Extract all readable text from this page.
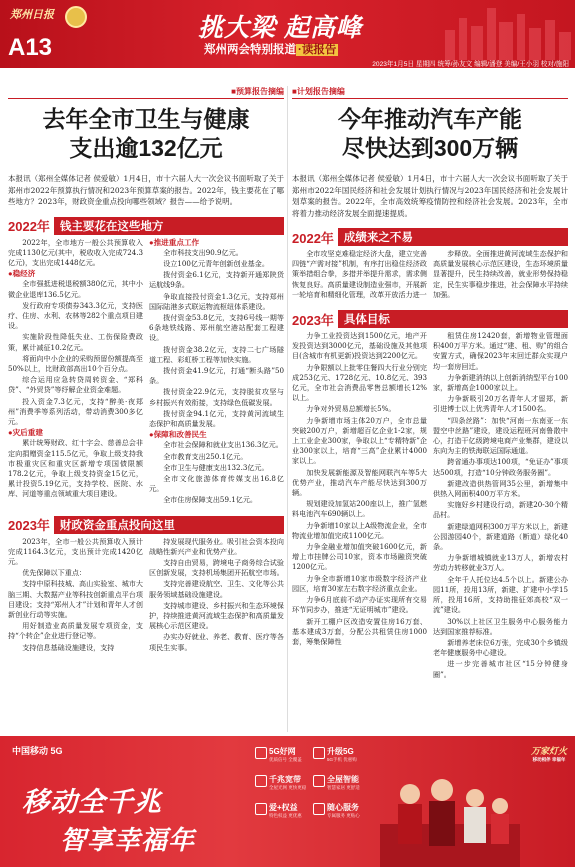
郑州日报
A13
挑大梁 起高峰
郑州两会特别报道 ·读报告
2023年1月5日 星期四 统筹/孙友文 编辑/潘登 美编/王小羽 校对/施阳
■预算报告摘编
去年全市卫生与健康
支出逾132亿元
本报讯（郑州全媒体记者 侯爱敏）1月4日，市十六届人大一次会议书面听取了关于郑州市2022年预算执行情况和2023年预算草案的报告。2022年，钱主要花在了哪些地方？2023年，财政资金重点投向哪些领域？报告——给予说明。
2022年 钱主要花在这些地方

2022年，全市地方一般公共预算收入完成1130亿元(其中，税收收入完成724.3亿元)，支出完成1448亿元。

●稳经济

全市强抵进税退税额380亿元，其中小微企业退库136.5亿元。

发行政府专项债券343.3亿元，支持医疗、住房、水利、农林等282个重点项目建设。

实施阶段性降低失业、工伤保险费政策，累计减征10.2亿元。

将面向中小企业的采购预留份额提高至50%以上，比财政部高出10个百分点。

综合运用应急转贷周转资金、“郑科贷”、“外贸贷”等纾解企业资金难题。

投入资金7.3亿元，支持“醉美·夜郑州”消费季等系列活动，带动消费300多亿元。

●灾后重建

累计统筹财政、红十字会、慈善总会非定向捐赠资金115.5亿元，争取上级支持我市极重灾区和重灾区新增专项国债限额178.2亿元，争取上级支持资金15亿元，累计投资5.19亿元，支持学校、医院、水库、河道等重点领域重大项目建设。

●推进重点工作

全市科技支出90.9亿元。

设立100亿元青年创新创业基金。

拨付资金6.1亿元，支持新开通郑陕货运航线9条。

争取直接投付资金1.3亿元，支持郑州国际陆港多式联运物流枢纽体系建设。

拨付资金53.8亿元，支持6号线一期等6条地铁线路、郑州航空港站配套工程建设。

拨付资金38.2亿元，支持二七广场隧道工程、彩虹桥工程等加快实施。

拨付资金41.9亿元，打通“断头路”50条。

拨付资金22.9亿元，支持脱贫攻坚与乡村振兴有效衔接，支持绿色低碳发展。

拨付资金94.1亿元，支持黄河流域生态保护和高质量发展。

●保障和改善民生

全市社会保障和就业支出136.3亿元。

全市教育支出250.1亿元。

全市卫生与健康支出132.3亿元。

全市文化旅游体育传媒支出16.8亿元。

全市住房保障支出59.1亿元。

2023年 财政资金重点投向这里

2023年，全市一般公共预算收入预计完成1164.3亿元，支出预计完成1420亿元。

优先保障以下重点：

支持中原科技城、高山实验室、城市大脑三期、大数据产业等科技创新重点平台项目建设；支持“郑州人才”计划和青年人才创新创业行动等实施。

用好制造业高质量发展专项资金，支持“个转企”企业进行登记等。

支持信息基础设施建设，支持

持发展现代服务业。吸引社会资本投向战略性新兴产业和优势产业。

支持自由贸易，跨境电子商务综合试验区创新发展，支持机场集团开拓航空市场。

支持完善建设航空、卫生、文化等公共服务领域基础设施建设。

支持城市建设、乡村振兴和生态环境保护，持续推进黄河流域生态保护和高质量发展核心示范区建设。

办实办好就业、养老、教育、医疗等各项民生实事。

■计划报告摘编
今年推动汽车产能
尽快达到300万辆
本报讯（郑州全媒体记者 侯爱敏）1月4日，市十六届人大一次会议书面听取了关于郑州市2022年国民经济和社会发展计划执行情况与2023年国民经济和社会发展计划草案的报告。2022年，全市高效统筹疫情防控和经济社会发展。2023年，全市将着力推动经济发展全面提速提质。
2022年 成绩来之不易

全市攻坚克难稳定经济大盘，建立完善四链“产需对接”机制，有序打出稳住经济政策举措组合拳，多措并举提升需求，需求侧恢复良好。高质量建设制造业强市，开展新一轮培育和精细化管理，改革开放活力进一

步释放。全面推进黄河流域生态保护和高质量发展核心示范区建设，生态环境质量显著提升，民生持续改善，就业形势保持稳定，民生实事稳步推进，社会保障水平持续加强。

2023年 具体目标

力争工业投资达到1500亿元，地产开发投资达到3000亿元，基础设施及其他项目(含城市有机更新)投资达到2200亿元。

力争限额以上批零住餐四大行业分别完成253亿元、1728亿元、10.8亿元、393亿元，全市社会消费品零售总额增长12%以上。

力争对外贸易总额增长5%。

力争新增市场主体20万户，全市总量突破200万户，新增超百亿企业1-2家，规上工业企业300家，争取以上“专精特新”企业300家以上，培育“三高”企业累计4000家以上。

加快发展新能源及智能网联汽车等5大优势产业，推动汽车产能尽快达到300万辆。

规划建设加氢站200座以上，推广氢燃料电池汽车690辆以上。

力争新增10家以上A级物流企业，全市物流业增加值完成1100亿元。

力争金融业增加值突破1600亿元，新增上市挂牌公司10家，资本市场融资突破1200亿元。

力争全市新增10家市级数字经济产业园区，培育30家左右数字经济重点企业。

力争6月底前不动产办证实现所有交易环节同步办，推进“无证明城市”建设。

新开工棚户区改造安置住房16万套、基本建成3万套，分配公共租赁住房1000套，筹集保障性

租赁住房12420套，新增物业管理面积400万平方米。通过“建、租、购”的组合安置方式，确保2023年末回迁群众实现户均一套房回迁。

力争新建消纳以上创新消纳型平台100家，新增高企1000家以上。

力争新吸引20万名青年人才留郑，新引进博士以上优秀青年人才1500名。

“四条丝路”：加快“河南一东南亚一东盟空中丝路”建设，建设运程班河南鲁散中心，打造干亿级跨境电商产业集群，建设以东向为主的铁海联运国际通道。

跨省通办事项达100项，“免证办”事项达500项，打造“10分钟政务服务圈”。

新建改造供热管网35公里，新增集中供热入网面积400万平方米。

实施好乡村建设行动，新建20-30个精品村。

新建绿道网积300万平方米以上，新建公园游园40个，新建道路（断道）绿化40条。

力争新增城镇就业13万人，新增农村劳动力转移就业3万人。

全年千人托位达4.5个以上。新建公办园11所，投用13所，新建、扩建中小学15所，投用16所，支持助推征郊高校“双一流”建设。

30%以上社区卫生服务中心服务能力达到国家推荐标准。

新增养老床位6万张，完成30个乡镇级老年健康服务中心建设。

进一步完善城市社区“15分钟健身圈”。

中国移动 5G
移动全千兆
智享幸福年
5G好网
优质信号 全覆盖
升级5G
5G手机 优惠购

千兆宽带
全屋光网 更快更稳
全屋智能
智慧家居 更舒适

爱+权益
特色权益 更优惠
随心服务
专属服务 更贴心
万家灯火
移动相伴 幸福年
